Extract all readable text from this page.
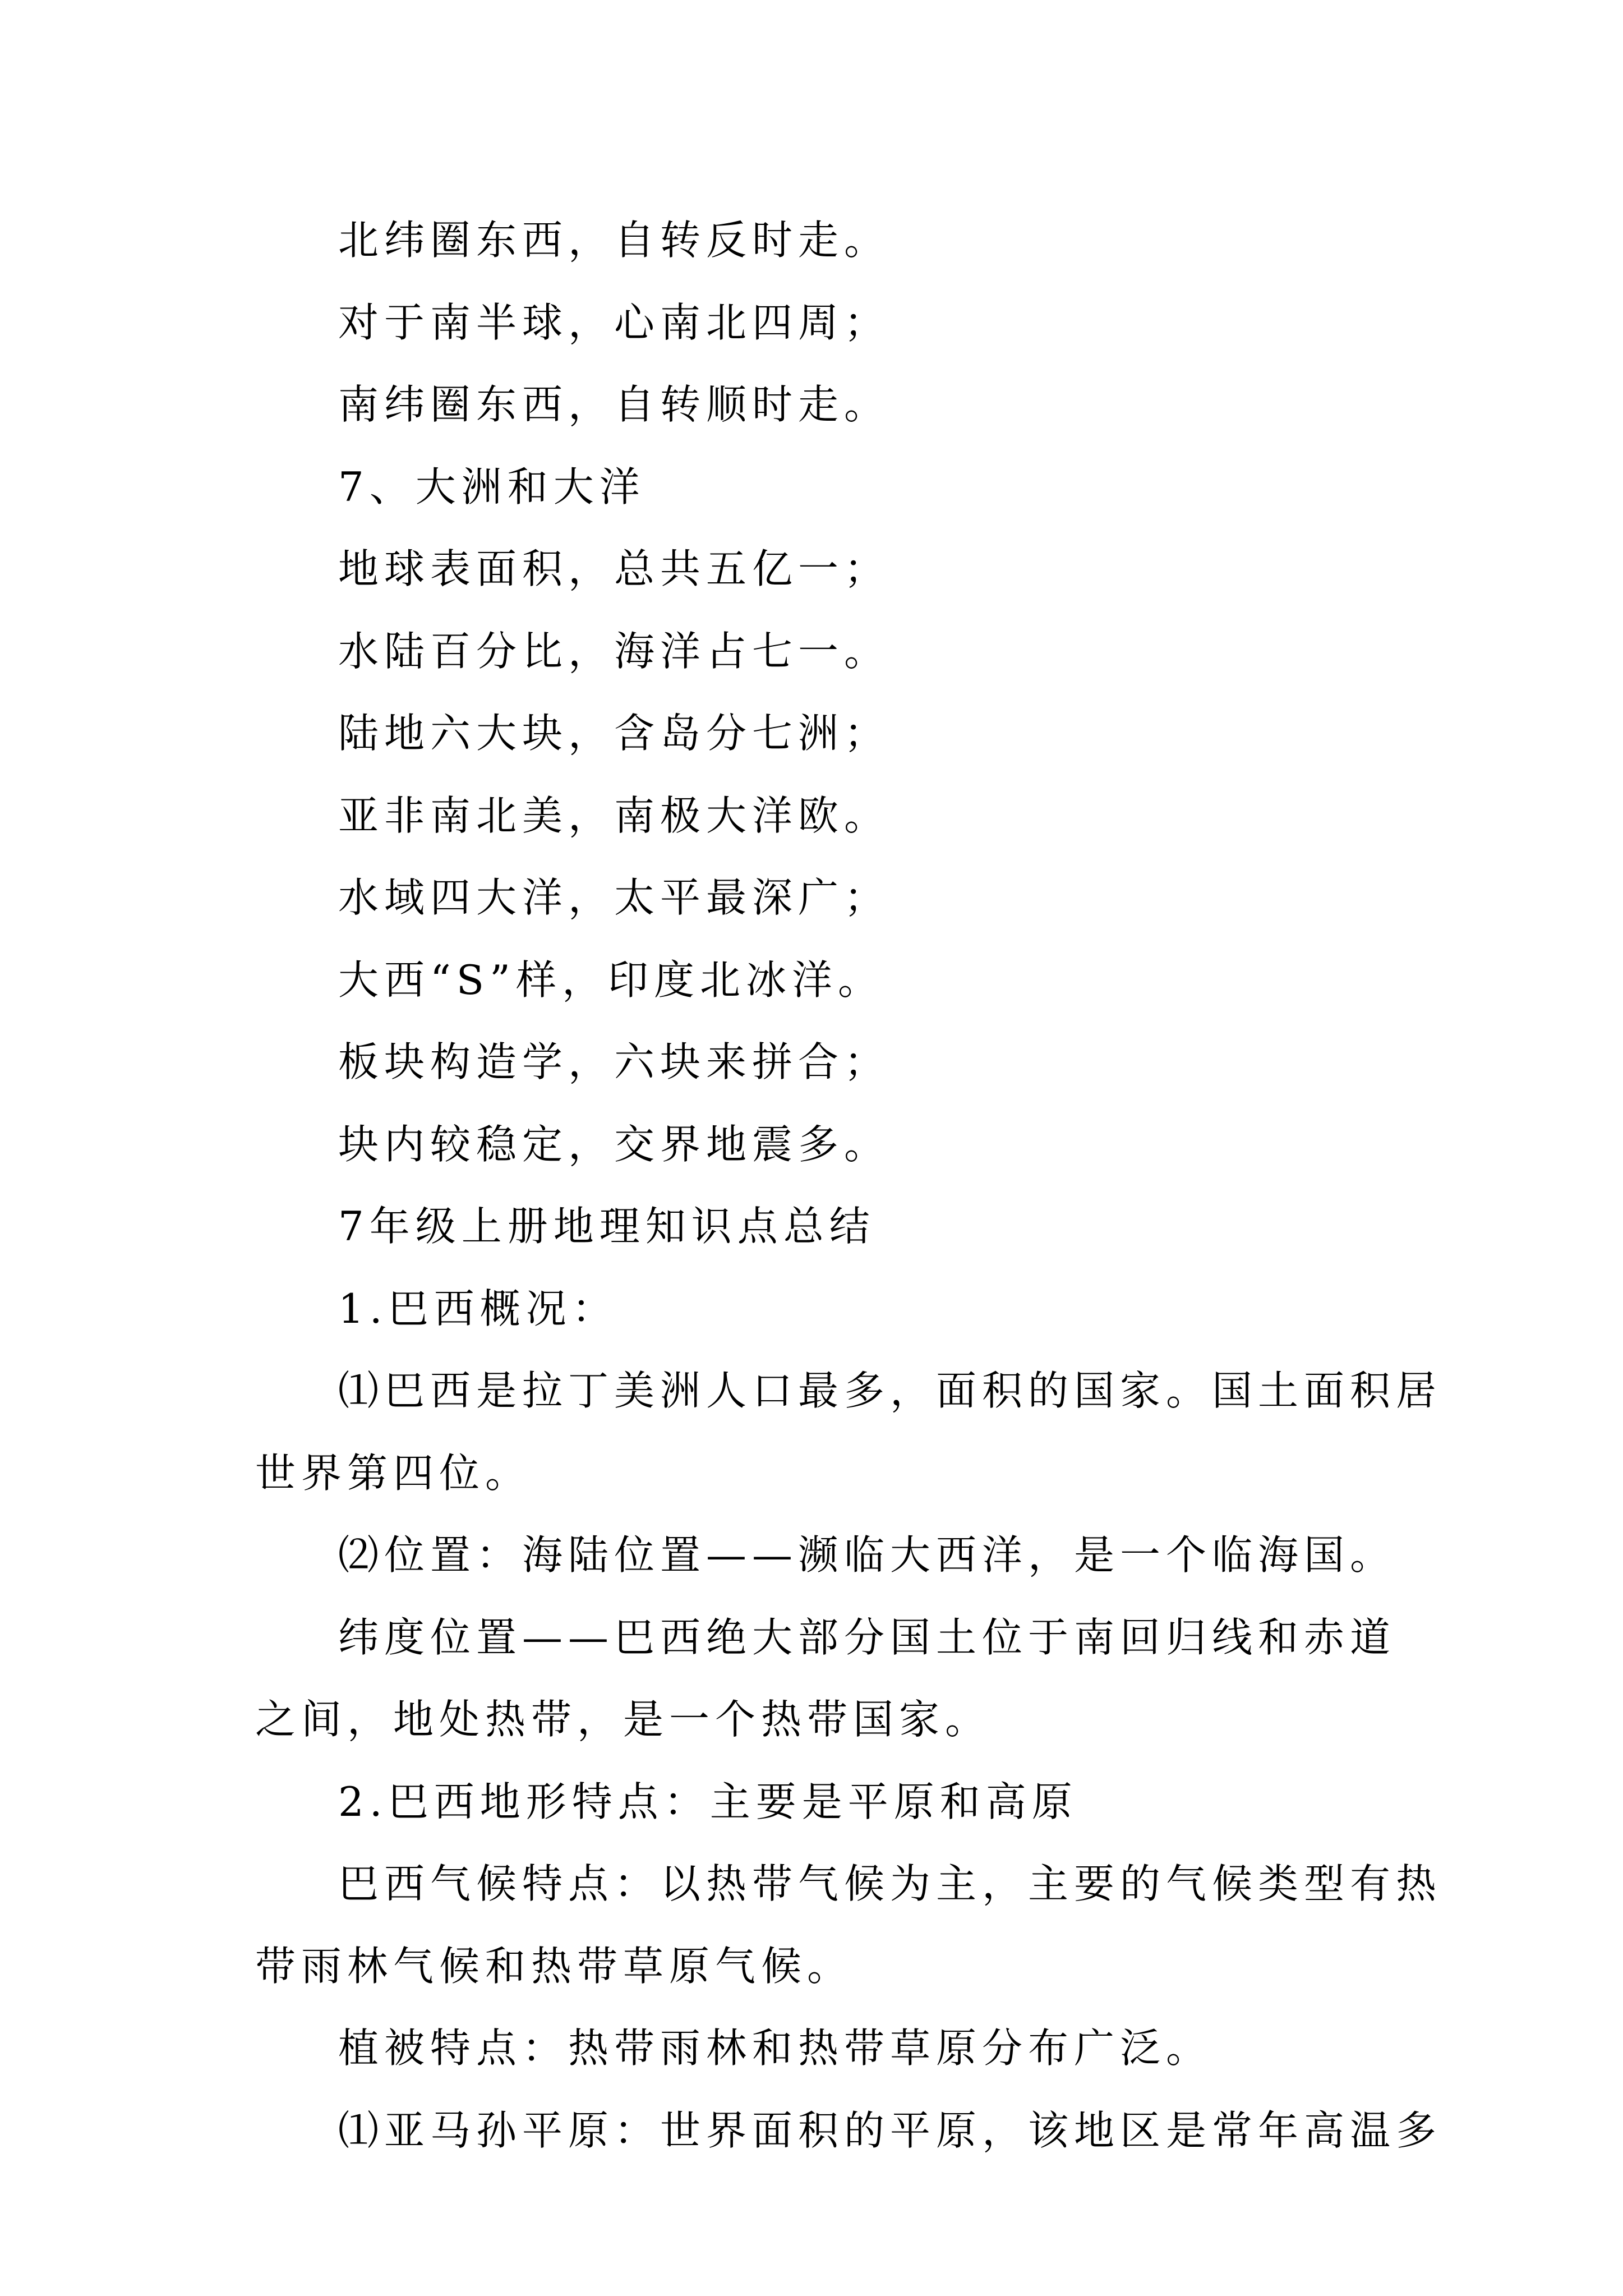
北纬圈东西，自转反时走。
对于南半球，心南北四周；
南纬圈东西，自转顺时走。
7、大洲和大洋
地球表面积，总共五亿一；
水陆百分比，海洋占七一。
陆地六大块，含岛分七洲；
亚非南北美，南极大洋欧。
水域四大洋，太平最深广；
大西“S”样，印度北冰洋。
板块构造学，六块来拼合；
块内较稳定，交界地震多。
7年级上册地理知识点总结
1.巴西概况：
⑴巴西是拉丁美洲人口最多，面积的国家。国土面积居
世界第四位。
⑵位置：海陆位置——濒临大西洋，是一个临海国。
纬度位置——巴西绝大部分国土位于南回归线和赤道
之间，地处热带，是一个热带国家。
2.巴西地形特点：主要是平原和高原
巴西气候特点：以热带气候为主，主要的气候类型有热
带雨林气候和热带草原气候。
植被特点：热带雨林和热带草原分布广泛。
⑴亚马孙平原：世界面积的平原，该地区是常年高温多
